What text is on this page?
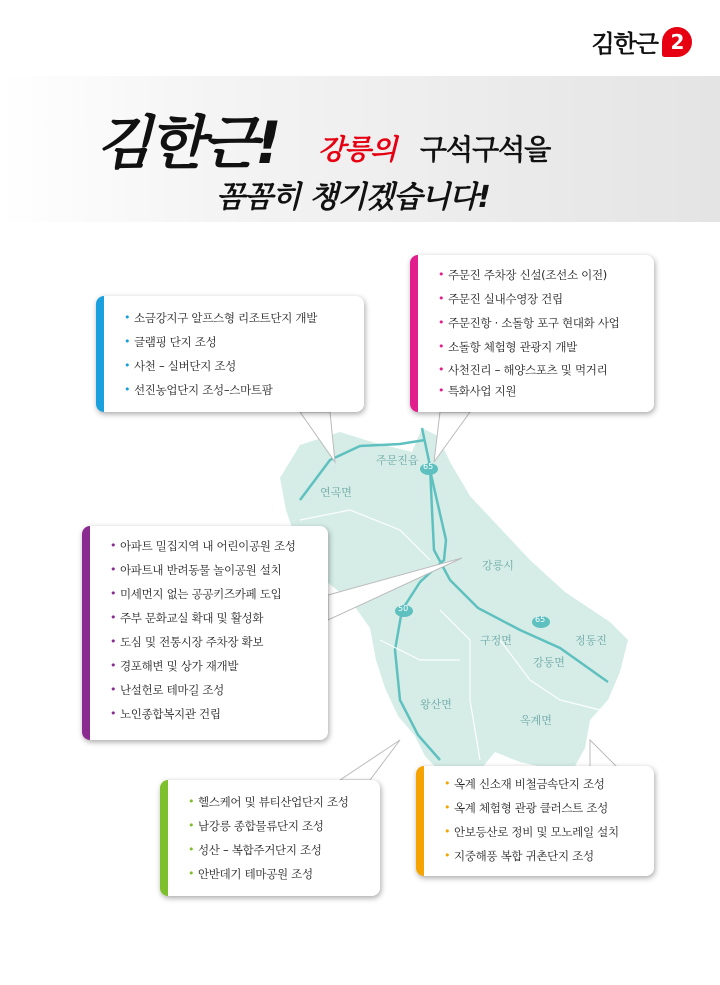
김한근 2
김한근! 강릉의 구석구석을
꼼꼼히 챙기겠습니다!
65
50
65
주문진읍
연곡면
강릉시
구정면	정동진
강동면
왕산면
옥계면
• 소금강지구 알프스형 리조트단지 개발
• 글램핑 단지 조성
• 사천 – 실버단지 조성
• 선진농업단지 조성–스마트팜
• 주문진 주차장 신설(조선소 이전)
• 주문진 실내수영장 건립
• 주문진항 · 소돌항 포구 현대화 사업
• 소돌항 체험형 관광지 개발
• 사천진리 – 해양스포츠 및 먹거리
• 특화사업 지원
• 아파트 밀집지역 내 어린이공원 조성
• 아파트내 반려동물 놀이공원 설치
• 미세먼지 없는 공공키즈카페 도입
• 주부 문화교실 확대 및 활성화
• 도심 및 전통시장 주차장 확보
• 경포해변 및 상가 재개발
• 난설헌로 테마길 조성
• 노인종합복지관 건립
• 헬스케어 및 뷰티산업단지 조성
• 남강릉 종합물류단지 조성
• 성산 – 복합주거단지 조성
• 안반데기 테마공원 조성
• 옥계 신소재 비철금속단지 조성
• 옥계 체험형 관광 클러스트 조성
• 안보등산로 정비 및 모노레일 설치
• 지중해풍 복합 귀촌단지 조성
